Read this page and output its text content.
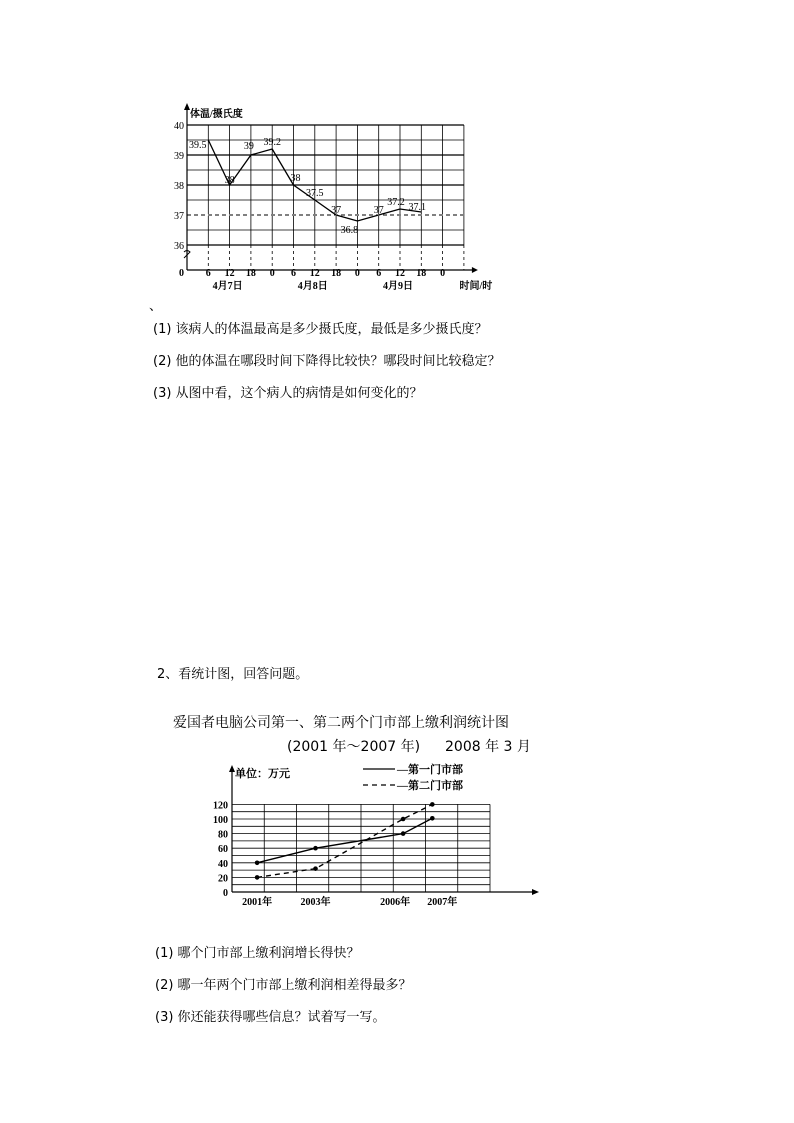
36
37
38
39
40
体温/摄氏度
0 6 12 18 0 6 12 18 0 6 12 18 0
4月7日	4月8日	4月9日	时间/时
39.5
38
39 39.2
38
37.5
37
36.8
37
37.2 37.1
、
(1) 该病人的体温最高是多少摄氏度，最低是多少摄氏度？
(2) 他的体温在哪段时间下降得比较快？哪段时间比较稳定？
(3) 从图中看，这个病人的病情是如何变化的？
2、看统计图，回答问题。
爱国者电脑公司第一、第二两个门市部上缴利润统计图
(2001 年～2007 年) 2008 年 3 月
单位：万元
0
20
40
60
80
100
120
2001年	2003年	2006年 2007年
—第一门市部
—第二门市部
(1) 哪个门市部上缴利润增长得快？
(2) 哪一年两个门市部上缴利润相差得最多？
(3) 你还能获得哪些信息？试着写一写。
